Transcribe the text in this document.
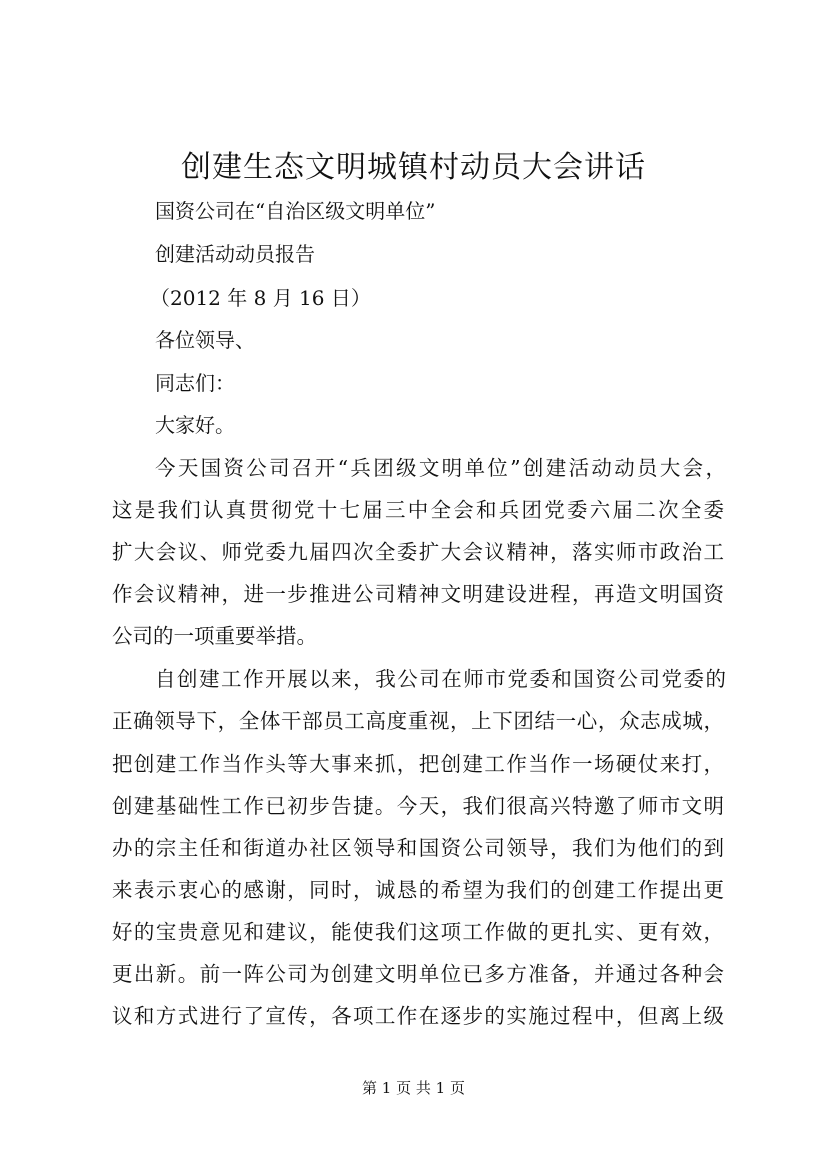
创建生态文明城镇村动员大会讲话

国资公司在“自治区级文明单位”

创建活动动员报告

（2012 年 8 月 16 日）

各位领导、

同志们：

大家好。

今天国资公司召开“兵团级文明单位”创建活动动员大会，

这是我们认真贯彻党十七届三中全会和兵团党委六届二次全委

扩大会议、师党委九届四次全委扩大会议精神，落实师市政治工

作会议精神，进一步推进公司精神文明建设进程，再造文明国资

公司的一项重要举措。

自创建工作开展以来，我公司在师市党委和国资公司党委的

正确领导下，全体干部员工高度重视，上下团结一心，众志成城，

把创建工作当作头等大事来抓，把创建工作当作一场硬仗来打，

创建基础性工作已初步告捷。今天，我们很高兴特邀了师市文明

办的宗主任和街道办社区领导和国资公司领导，我们为他们的到

来表示衷心的感谢，同时，诚恳的希望为我们的创建工作提出更

好的宝贵意见和建议，能使我们这项工作做的更扎实、更有效，

更出新。前一阵公司为创建文明单位已多方准备，并通过各种会

议和方式进行了宣传，各项工作在逐步的实施过程中，但离上级

第 1 页 共 1 页
